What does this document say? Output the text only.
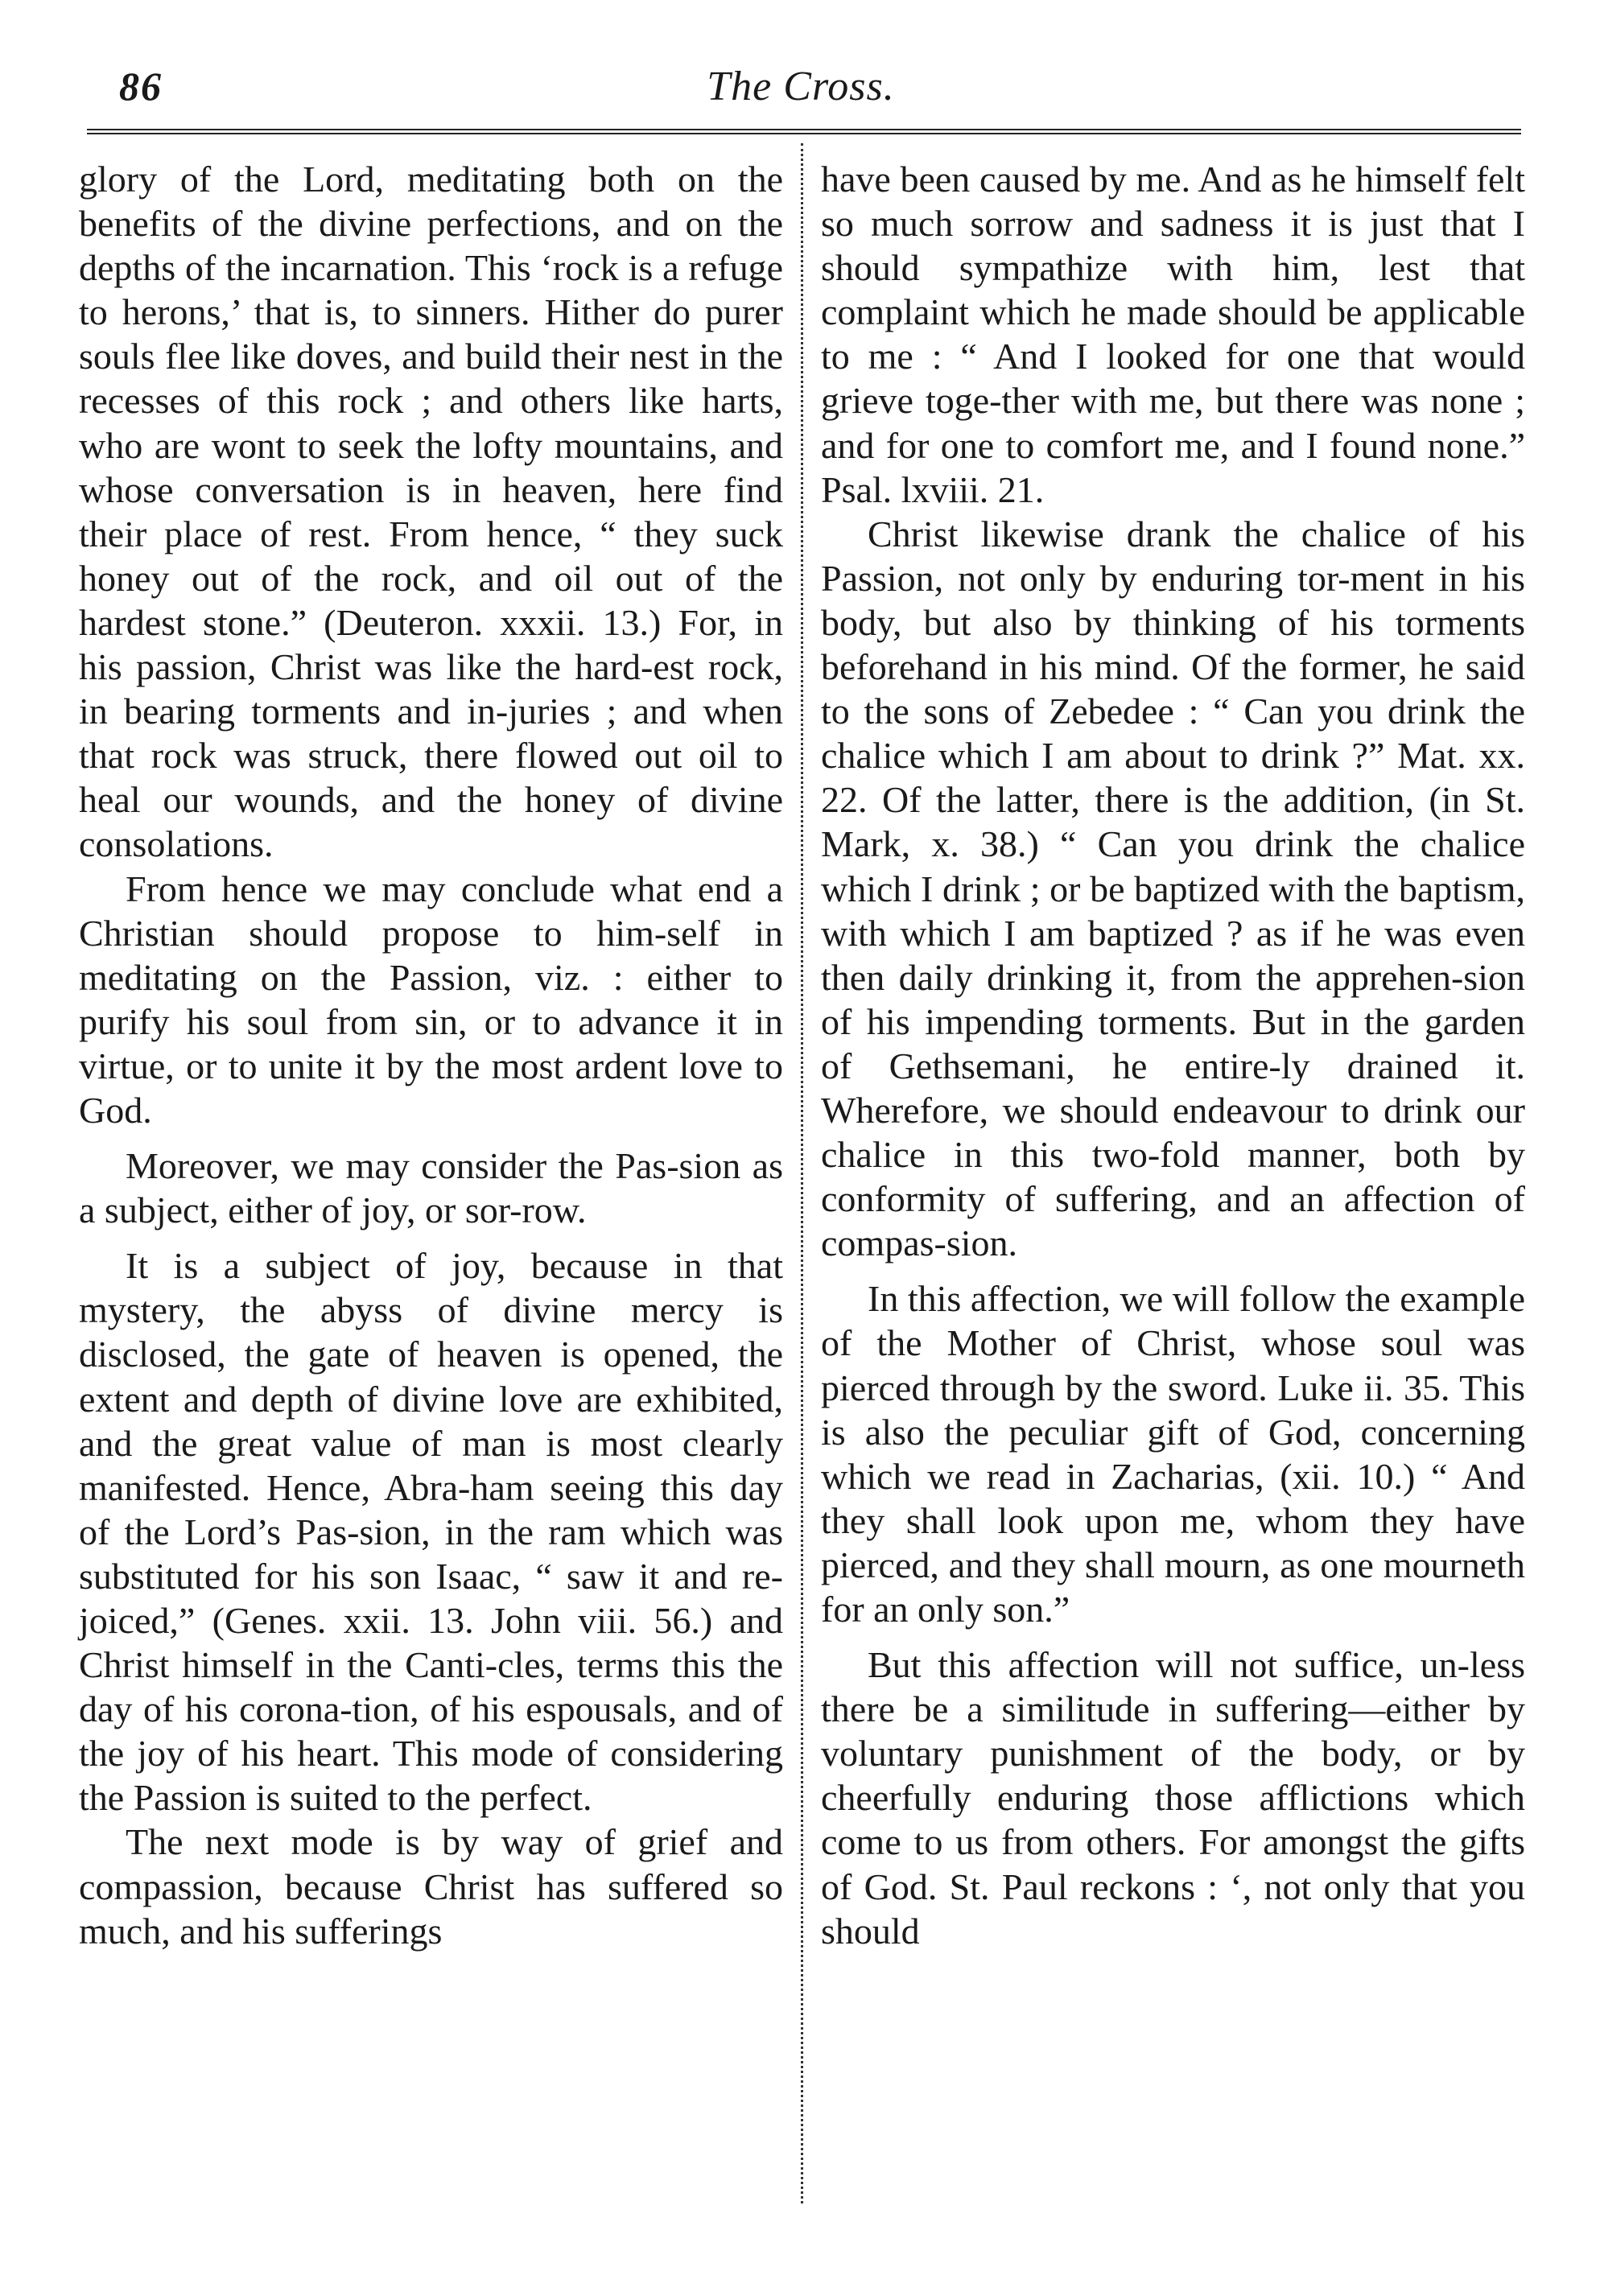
86	The Cross.

glory of the Lord, meditating both on the benefits of the divine perfections, and on the depths of the incarnation. This ‘rock is a refuge to herons,’ that is, to sinners. Hither do purer souls flee like doves, and build their nest in the recesses of this rock ; and others like harts, who are wont to seek the lofty mountains, and whose conversation is in heaven, here find their place of rest. From hence, “ they suck honey out of the rock, and oil out of the hardest stone.” (Deuteron. xxxii. 13.) For, in his passion, Christ was like the hard-est rock, in bearing torments and in-juries ; and when that rock was struck, there flowed out oil to heal our wounds, and the honey of divine consolations.

From hence we may conclude what end a Christian should propose to him-self in meditating on the Passion, viz. : either to purify his soul from sin, or to advance it in virtue, or to unite it by the most ardent love to God.

Moreover, we may consider the Pas-sion as a subject, either of joy, or sor-row.

It is a subject of joy, because in that mystery, the abyss of divine mercy is disclosed, the gate of heaven is opened, the extent and depth of divine love are exhibited, and the great value of man is most clearly manifested. Hence, Abra-ham seeing this day of the Lord’s Pas-sion, in the ram which was substituted for his son Isaac, “ saw it and re-joiced,” (Genes. xxii. 13. John viii. 56.) and Christ himself in the Canti-cles, terms this the day of his corona-tion, of his espousals, and of the joy of his heart. This mode of considering the Passion is suited to the perfect.

The next mode is by way of grief and compassion, because Christ has suffered so much, and his sufferings

have been caused by me. And as he himself felt so much sorrow and sadness it is just that I should sympathize with him, lest that complaint which he made should be applicable to me : “ And I looked for one that would grieve toge-ther with me, but there was none ; and for one to comfort me, and I found none.” Psal. lxviii. 21.

Christ likewise drank the chalice of his Passion, not only by enduring tor-ment in his body, but also by thinking of his torments beforehand in his mind. Of the former, he said to the sons of Zebedee : “ Can you drink the chalice which I am about to drink ?” Mat. xx. 22. Of the latter, there is the addition, (in St. Mark, x. 38.) “ Can you drink the chalice which I drink ; or be baptized with the baptism, with which I am baptized ? as if he was even then daily drinking it, from the apprehen-sion of his impending torments. But in the garden of Gethsemani, he entire-ly drained it. Wherefore, we should endeavour to drink our chalice in this two-fold manner, both by conformity of suffering, and an affection of compas-sion.

In this affection, we will follow the example of the Mother of Christ, whose soul was pierced through by the sword. Luke ii. 35. This is also the peculiar gift of God, concerning which we read in Zacharias, (xii. 10.) “ And they shall look upon me, whom they have pierced, and they shall mourn, as one mourneth for an only son.”

But this affection will not suffice, un-less there be a similitude in suffering—either by voluntary punishment of the body, or by cheerfully enduring those afflictions which come to us from others. For amongst the gifts of God. St. Paul reckons : ‘, not only that you should
